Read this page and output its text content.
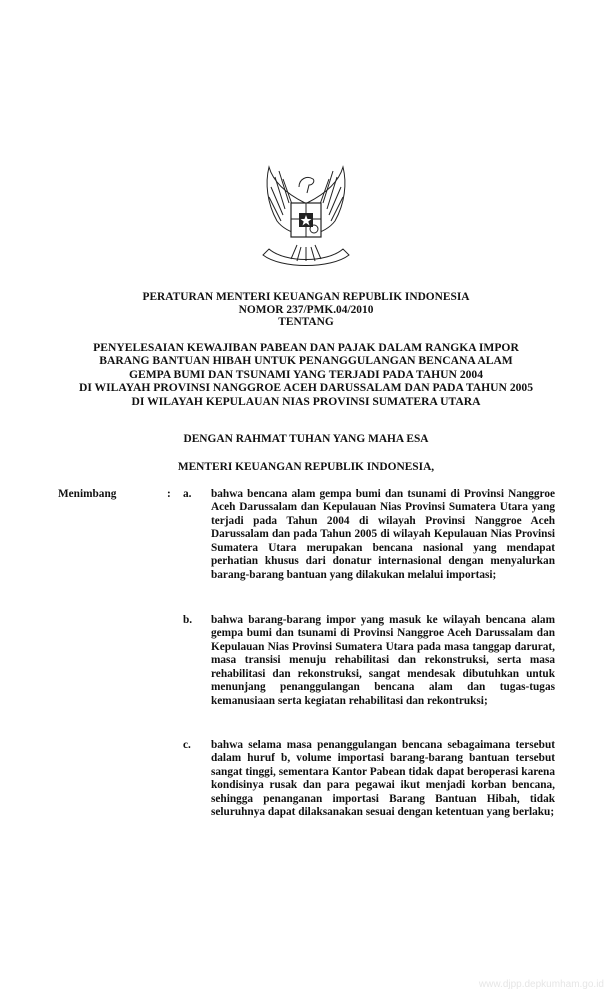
PERATURAN MENTERI KEUANGAN REPUBLIK INDONESIA
NOMOR 237/PMK.04/2010
TENTANG
PENYELESAIAN KEWAJIBAN PABEAN DAN PAJAK DALAM RANGKA IMPOR
BARANG BANTUAN HIBAH UNTUK PENANGGULANGAN BENCANA ALAM
GEMPA BUMI DAN TSUNAMI YANG TERJADI PADA TAHUN 2004
DI WILAYAH PROVINSI NANGGROE ACEH DARUSSALAM DAN PADA TAHUN 2005
DI WILAYAH KEPULAUAN NIAS PROVINSI SUMATERA UTARA
DENGAN RAHMAT TUHAN YANG MAHA ESA
MENTERI KEUANGAN REPUBLIK INDONESIA,
Menimbang	: a. bahwa bencana alam gempa bumi dan tsunami di Provinsi Nanggroe Aceh Darussalam dan Kepulauan Nias Provinsi Sumatera Utara yang terjadi pada Tahun 2004 di wilayah Provinsi Nanggroe Aceh Darussalam dan pada Tahun 2005 di wilayah Kepulauan Nias Provinsi Sumatera Utara merupakan bencana nasional yang mendapat perhatian khusus dari donatur internasional dengan menyalurkan barang-barang bantuan yang dilakukan melalui importasi;
b. bahwa barang-barang impor yang masuk ke wilayah bencana alam gempa bumi dan tsunami di Provinsi Nanggroe Aceh Darussalam dan Kepulauan Nias Provinsi Sumatera Utara pada masa tanggap darurat, masa transisi menuju rehabilitasi dan rekonstruksi, serta masa rehabilitasi dan rekonstruksi, sangat mendesak dibutuhkan untuk menunjang penanggulangan bencana alam dan tugas-tugas kemanusiaan serta kegiatan rehabilitasi dan rekontruksi;
c. bahwa selama masa penanggulangan bencana sebagaimana tersebut dalam huruf b, volume importasi barang-barang bantuan tersebut sangat tinggi, sementara Kantor Pabean tidak dapat beroperasi karena kondisinya rusak dan para pegawai ikut menjadi korban bencana, sehingga penanganan importasi Barang Bantuan Hibah, tidak seluruhnya dapat dilaksanakan sesuai dengan ketentuan yang berlaku;
www.djpp.depkumham.go.id
